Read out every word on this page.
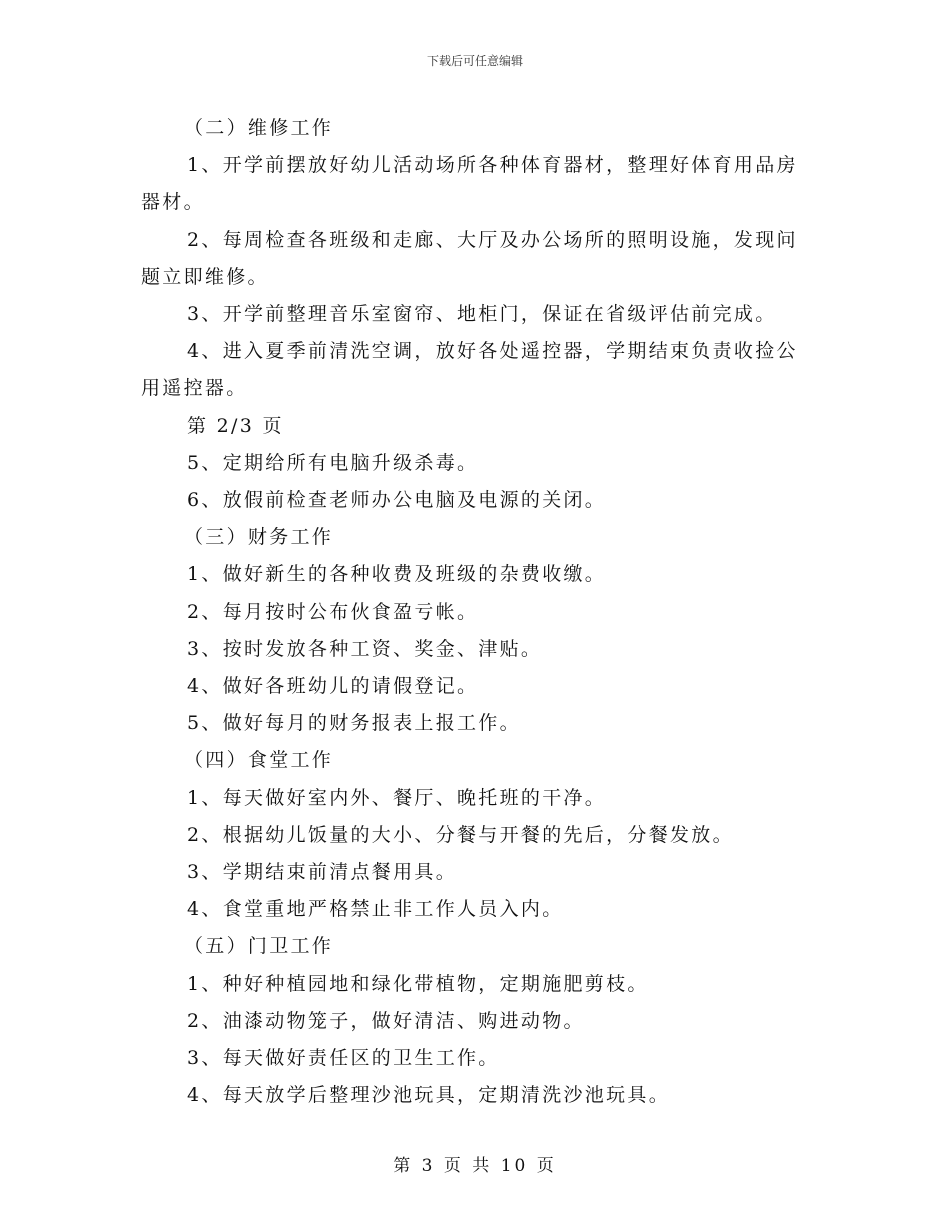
下载后可任意编辑
（二）维修工作
1、开学前摆放好幼儿活动场所各种体育器材，整理好体育用品房
器材。
2、每周检查各班级和走廊、大厅及办公场所的照明设施，发现问
题立即维修。
3、开学前整理音乐室窗帘、地柜门，保证在省级评估前完成。
4、进入夏季前清洗空调，放好各处遥控器，学期结束负责收捡公
用遥控器。
第 2/3 页
5、定期给所有电脑升级杀毒。
6、放假前检查老师办公电脑及电源的关闭。
（三）财务工作
1、做好新生的各种收费及班级的杂费收缴。
2、每月按时公布伙食盈亏帐。
3、按时发放各种工资、奖金、津贴。
4、做好各班幼儿的请假登记。
5、做好每月的财务报表上报工作。
（四）食堂工作
1、每天做好室内外、餐厅、晚托班的干净。
2、根据幼儿饭量的大小、分餐与开餐的先后，分餐发放。
3、学期结束前清点餐用具。
4、食堂重地严格禁止非工作人员入内。
（五）门卫工作
1、种好种植园地和绿化带植物，定期施肥剪枝。
2、油漆动物笼子，做好清洁、购进动物。
3、每天做好责任区的卫生工作。
4、每天放学后整理沙池玩具，定期清洗沙池玩具。
第 3 页 共 10 页
